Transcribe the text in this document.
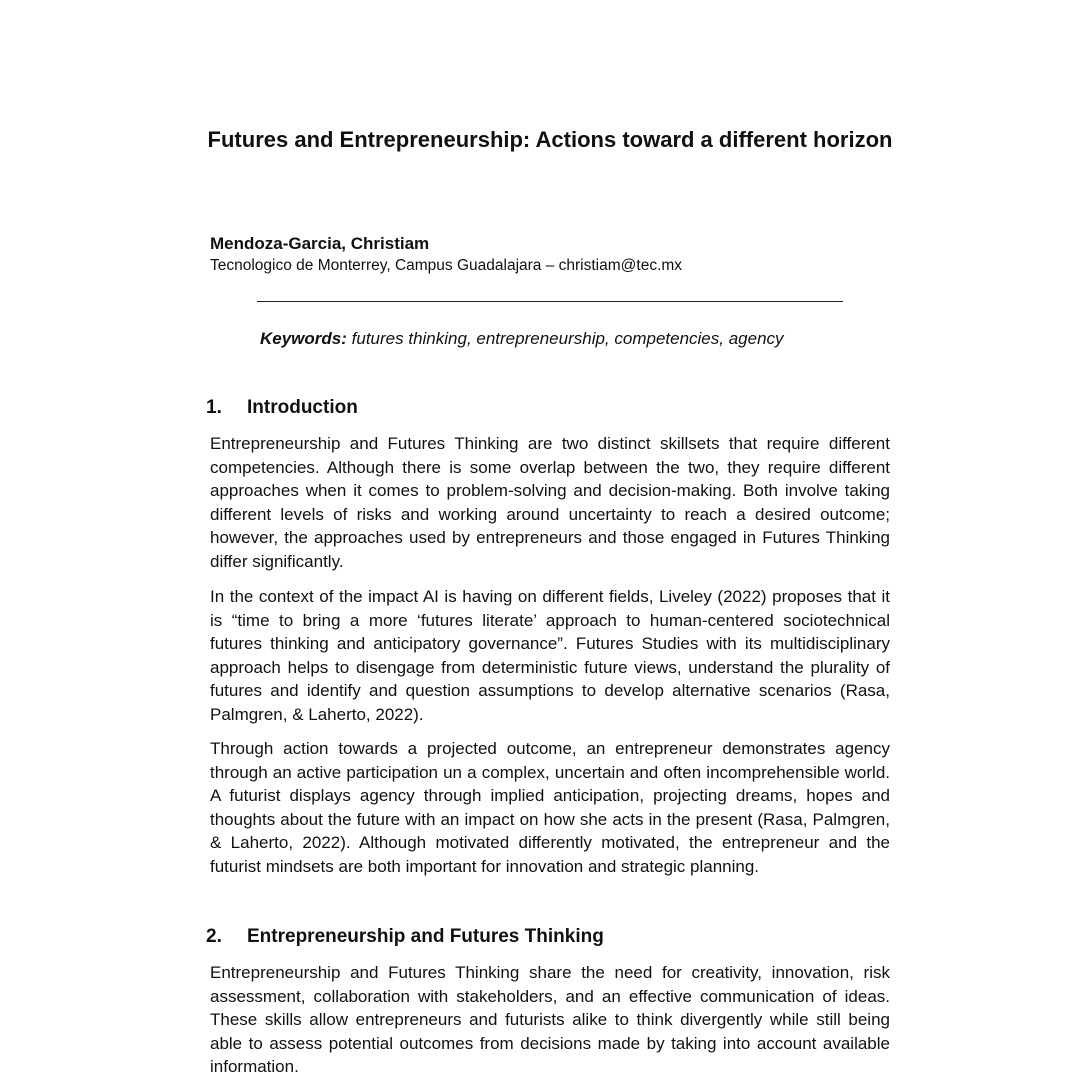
Futures and Entrepreneurship: Actions toward a different horizon
Mendoza-Garcia, Christiam
Tecnologico de Monterrey, Campus Guadalajara – christiam@tec.mx
Keywords: futures thinking, entrepreneurship, competencies, agency
1. Introduction

Entrepreneurship and Futures Thinking are two distinct skillsets that require different competencies. Although there is some overlap between the two, they require different approaches when it comes to problem-solving and decision-making. Both involve taking different levels of risks and working around uncertainty to reach a desired outcome; however, the approaches used by entrepreneurs and those engaged in Futures Thinking differ significantly.

In the context of the impact AI is having on different fields, Liveley (2022) proposes that it is “time to bring a more ‘futures literate’ approach to human-centered sociotechnical futures thinking and anticipatory governance”. Futures Studies with its multidisciplinary approach helps to disengage from deterministic future views, understand the plurality of futures and identify and question assumptions to develop alternative scenarios (Rasa, Palmgren, & Laherto, 2022).

Through action towards a projected outcome, an entrepreneur demonstrates agency through an active participation un a complex, uncertain and often incomprehensible world. A futurist displays agency through implied anticipation, projecting dreams, hopes and thoughts about the future with an impact on how she acts in the present (Rasa, Palmgren, & Laherto, 2022). Although motivated differently motivated, the entrepreneur and the futurist mindsets are both important for innovation and strategic planning.

2. Entrepreneurship and Futures Thinking

Entrepreneurship and Futures Thinking share the need for creativity, innovation, risk assessment, collaboration with stakeholders, and an effective communication of ideas. These skills allow entrepreneurs and futurists alike to think divergently while still being able to assess potential outcomes from decisions made by taking into account available information.
